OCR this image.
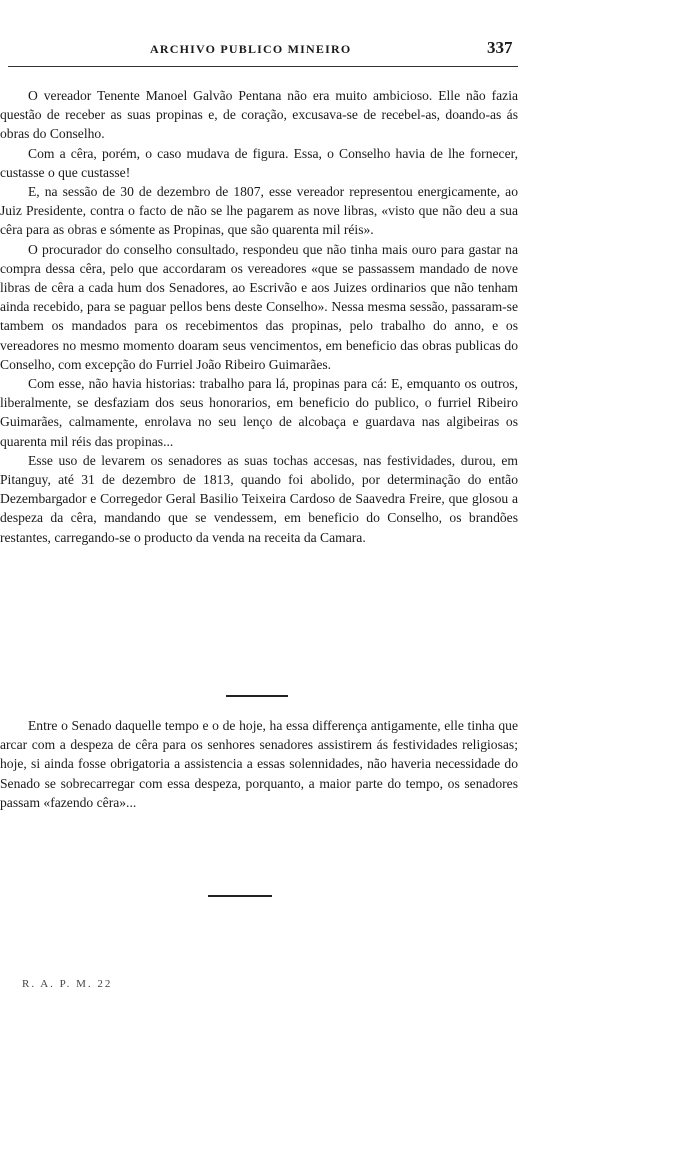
ARCHIVO PUBLICO MINEIRO	337

O vereador Tenente Manoel Galvão Pentana não era muito ambicioso. Elle não fazia questão de receber as suas propinas e, de coração, excusava-se de recebel-as, doando-as ás obras do Conselho.

Com a cêra, porém, o caso mudava de figura. Essa, o Conselho havia de lhe fornecer, custasse o que custasse!

E, na sessão de 30 de dezembro de 1807, esse vereador representou energicamente, ao Juiz Presidente, contra o facto de não se lhe pagarem as nove libras, «visto que não deu a sua cêra para as obras e sómente as Propinas, que são quarenta mil réis».

O procurador do conselho consultado, respondeu que não tinha mais ouro para gastar na compra dessa cêra, pelo que accordaram os vereadores «que se passassem mandado de nove libras de cêra a cada hum dos Senadores, ao Escrivão e aos Juizes ordinarios que não tenham ainda recebido, para se paguar pellos bens deste Conselho». Nessa mesma sessão, passaram-se tambem os mandados para os recebimentos das propinas, pelo trabalho do anno, e os vereadores no mesmo momento doaram seus vencimentos, em beneficio das obras publicas do Conselho, com excepção do Furriel João Ribeiro Guimarães.

Com esse, não havia historias: trabalho para lá, propinas para cá: E, emquanto os outros, liberalmente, se desfaziam dos seus honorarios, em beneficio do publico, o furriel Ribeiro Guimarães, calmamente, enrolava no seu lenço de alcobaça e guardava nas algibeiras os quarenta mil réis das propinas...

Esse uso de levarem os senadores as suas tochas accesas, nas festividades, durou, em Pitanguy, até 31 de dezembro de 1813, quando foi abolido, por determinação do então Dezembargador e Corregedor Geral Basilio Teixeira Cardoso de Saavedra Freire, que glosou a despeza da cêra, mandando que se vendessem, em beneficio do Conselho, os brandões restantes, carregando-se o producto da venda na receita da Camara.

Entre o Senado daquelle tempo e o de hoje, ha essa differença antigamente, elle tinha que arcar com a despeza de cêra para os senhores senadores assistirem ás festividades religiosas; hoje, si ainda fosse obrigatoria a assistencia a essas solennidades, não haveria necessidade do Senado se sobrecarregar com essa despeza, porquanto, a maior parte do tempo, os senadores passam «fazendo cêra»...

R. A. P. M. 22
